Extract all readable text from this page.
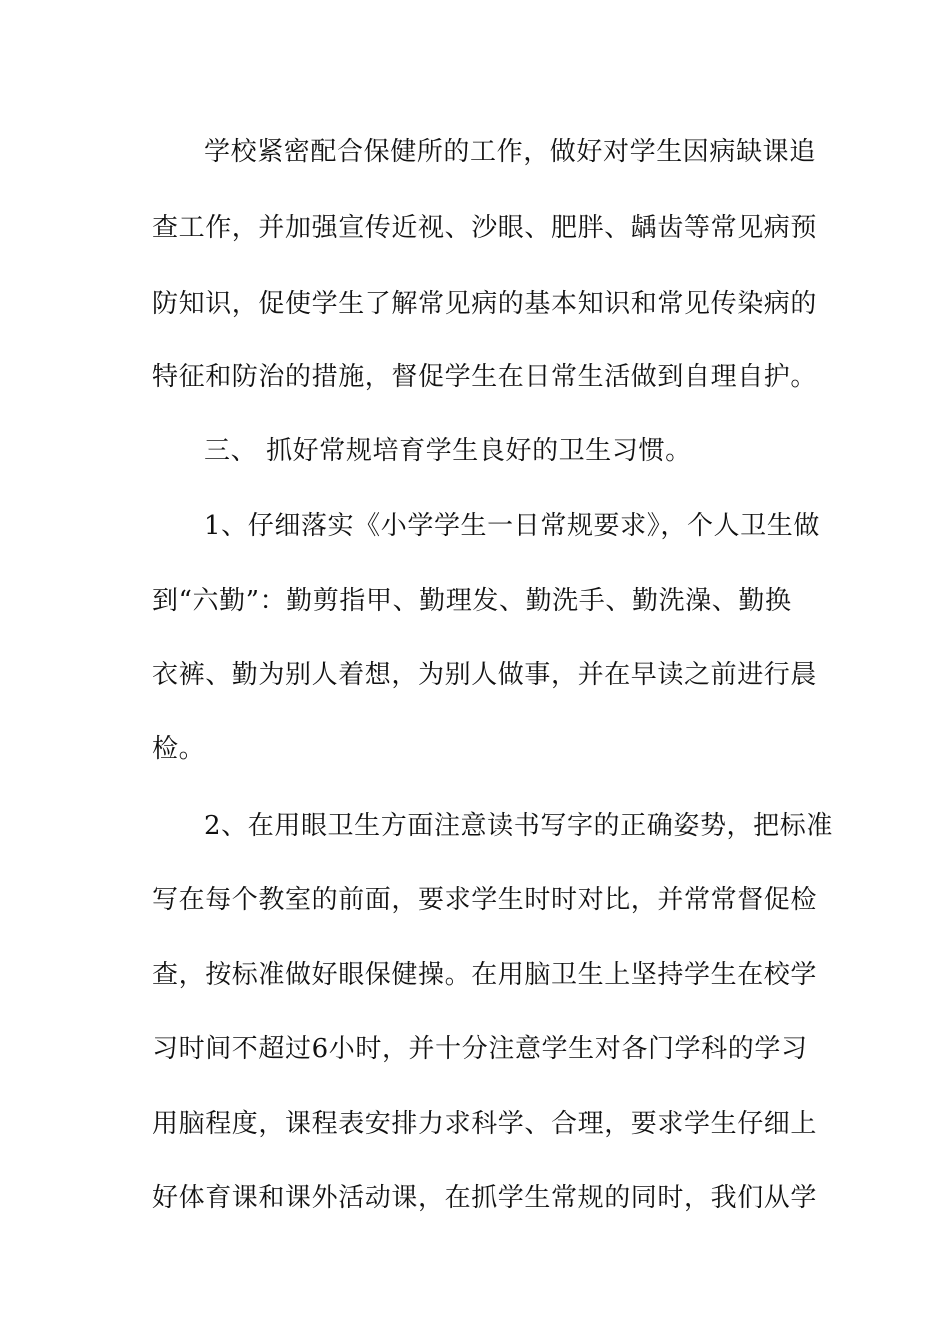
学校紧密配合保健所的工作，做好对学生因病缺课追
查工作，并加强宣传近视、沙眼、肥胖、龋齿等常见病预
防知识，促使学生了解常见病的基本知识和常见传染病的
特征和防治的措施，督促学生在日常生活做到自理自护。
三、 抓好常规培育学生良好的卫生习惯。
1、仔细落实《小学学生一日常规要求》，个人卫生做
到“六勤”：勤剪指甲、勤理发、勤洗手、勤洗澡、勤换
衣裤、勤为别人着想，为别人做事，并在早读之前进行晨
检。
2、在用眼卫生方面注意读书写字的正确姿势，把标准
写在每个教室的前面，要求学生时时对比，并常常督促检
查，按标准做好眼保健操。在用脑卫生上坚持学生在校学
习时间不超过6小时，并十分注意学生对各门学科的学习
用脑程度，课程表安排力求科学、合理，要求学生仔细上
好体育课和课外活动课，在抓学生常规的同时，我们从学
